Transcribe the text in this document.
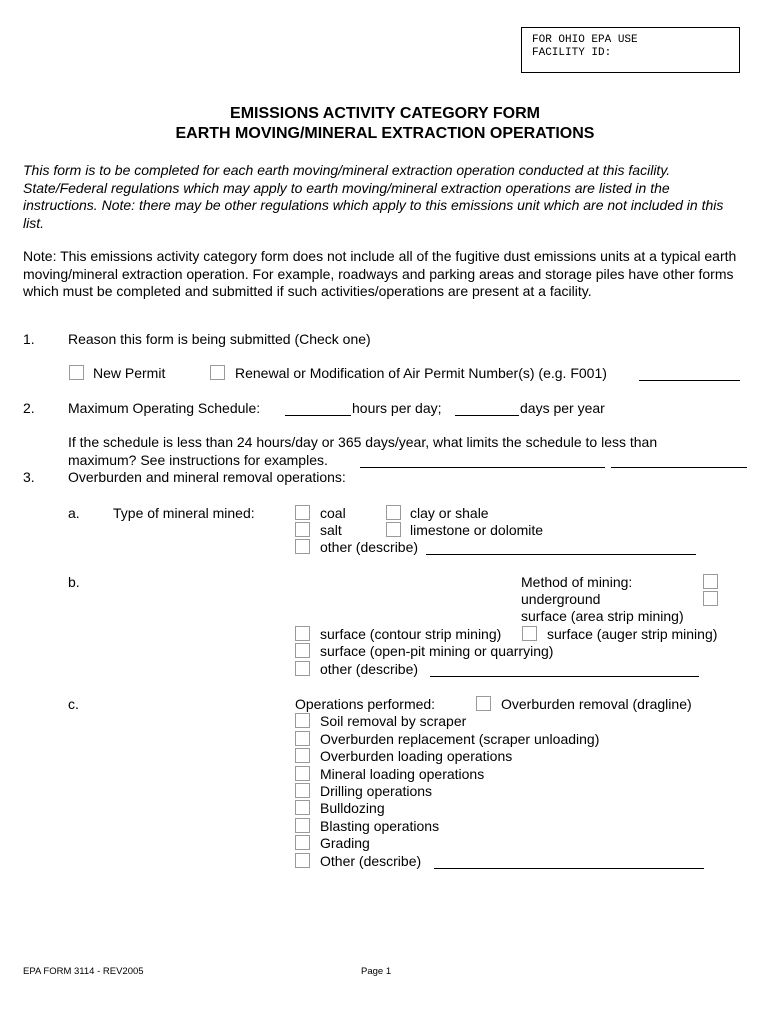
FOR OHIO EPA USE
FACILITY ID:
EMISSIONS ACTIVITY CATEGORY FORM
EARTH MOVING/MINERAL EXTRACTION OPERATIONS
This form is to be completed for each earth moving/mineral extraction operation conducted at this facility. State/Federal regulations which may apply to earth moving/mineral extraction operations are listed in the instructions. Note: there may be other regulations which apply to this emissions unit which are not included in this list.
Note: This emissions activity category form does not include all of the fugitive dust emissions units at a typical earth moving/mineral extraction operation. For example, roadways and parking areas and storage piles have other forms which must be completed and submitted if such activities/operations are present at a facility.
1. Reason this form is being submitted (Check one)
New Permit	Renewal or Modification of Air Permit Number(s) (e.g. F001)
2. Maximum Operating Schedule:	hours per day;	days per year
If the schedule is less than 24 hours/day or 365 days/year, what limits the schedule to less than
maximum? See instructions for examples.
3. Overburden and mineral removal operations:
a. Type of mineral mined:	coal	clay or shale
salt	limestone or dolomite
other (describe)
b.	Method of mining:
underground
surface (area strip mining)
surface (contour strip mining)	surface (auger strip mining)
surface (open-pit mining or quarrying)
other (describe)
c.	Operations performed:	Overburden removal (dragline)
Soil removal by scraper
Overburden replacement (scraper unloading)
Overburden loading operations
Mineral loading operations
Drilling operations
Bulldozing
Blasting operations
Grading
Other (describe)
EPA FORM 3114 - REV2005	Page 1
